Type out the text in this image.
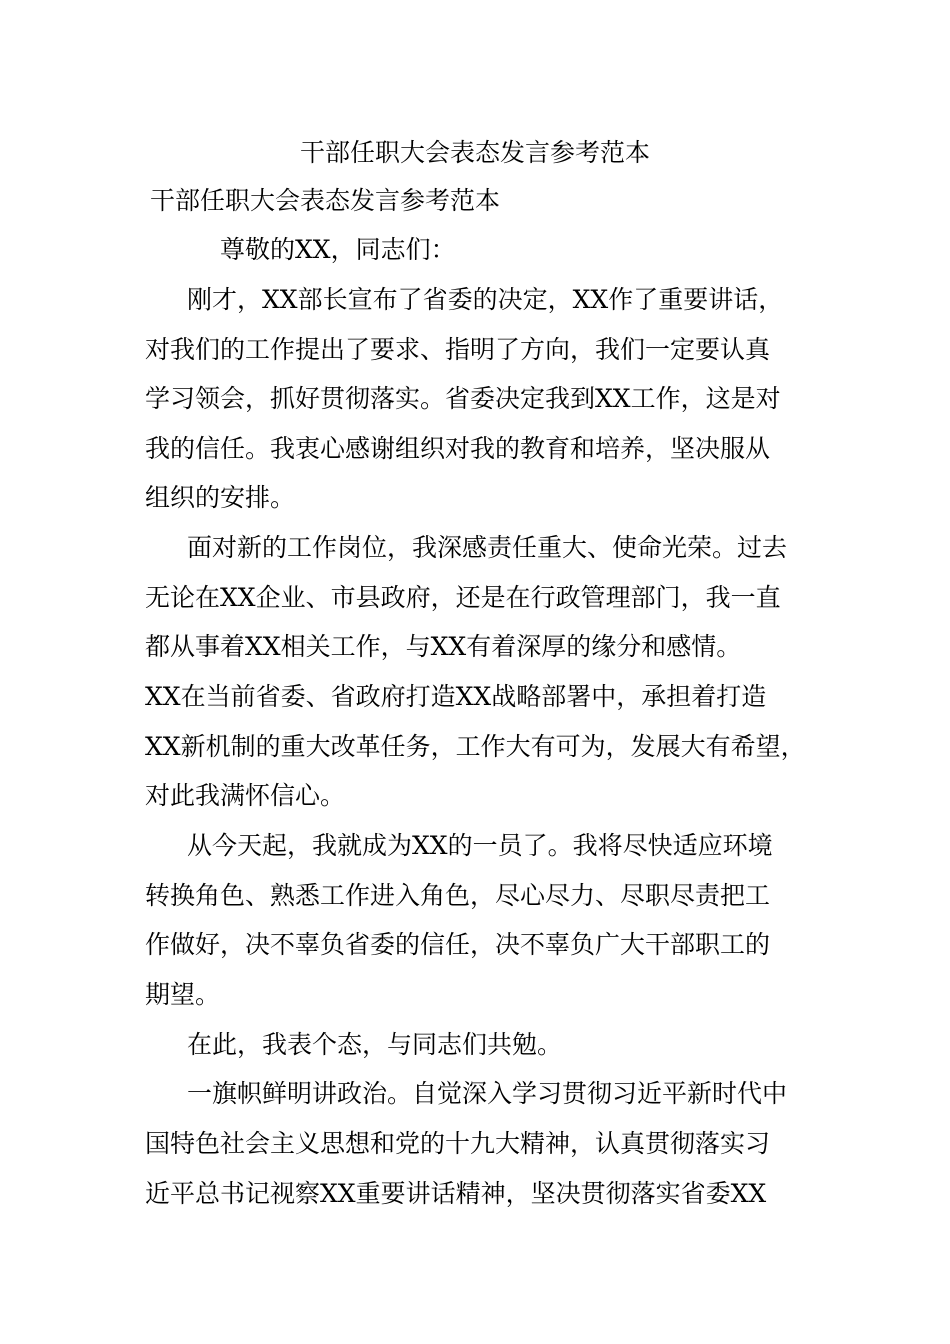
干部任职大会表态发言参考范本
干部任职大会表态发言参考范本
尊敬的XX，同志们：
刚才，XX部长宣布了省委的决定，XX作了重要讲话，
对我们的工作提出了要求、指明了方向，我们一定要认真
学习领会，抓好贯彻落实。省委决定我到XX工作，这是对
我的信任。我衷心感谢组织对我的教育和培养，坚决服从
组织的安排。
面对新的工作岗位，我深感责任重大、使命光荣。过去
无论在XX企业、市县政府，还是在行政管理部门，我一直
都从事着XX相关工作，与XX有着深厚的缘分和感情。
XX在当前省委、省政府打造XX战略部署中，承担着打造
XX新机制的重大改革任务，工作大有可为，发展大有希望，
对此我满怀信心。
从今天起，我就成为XX的一员了。我将尽快适应环境
转换角色、熟悉工作进入角色，尽心尽力、尽职尽责把工
作做好，决不辜负省委的信任，决不辜负广大干部职工的
期望。
在此，我表个态，与同志们共勉。
一旗帜鲜明讲政治。自觉深入学习贯彻习近平新时代中
国特色社会主义思想和党的十九大精神，认真贯彻落实习
近平总书记视察XX重要讲话精神，坚决贯彻落实省委XX
